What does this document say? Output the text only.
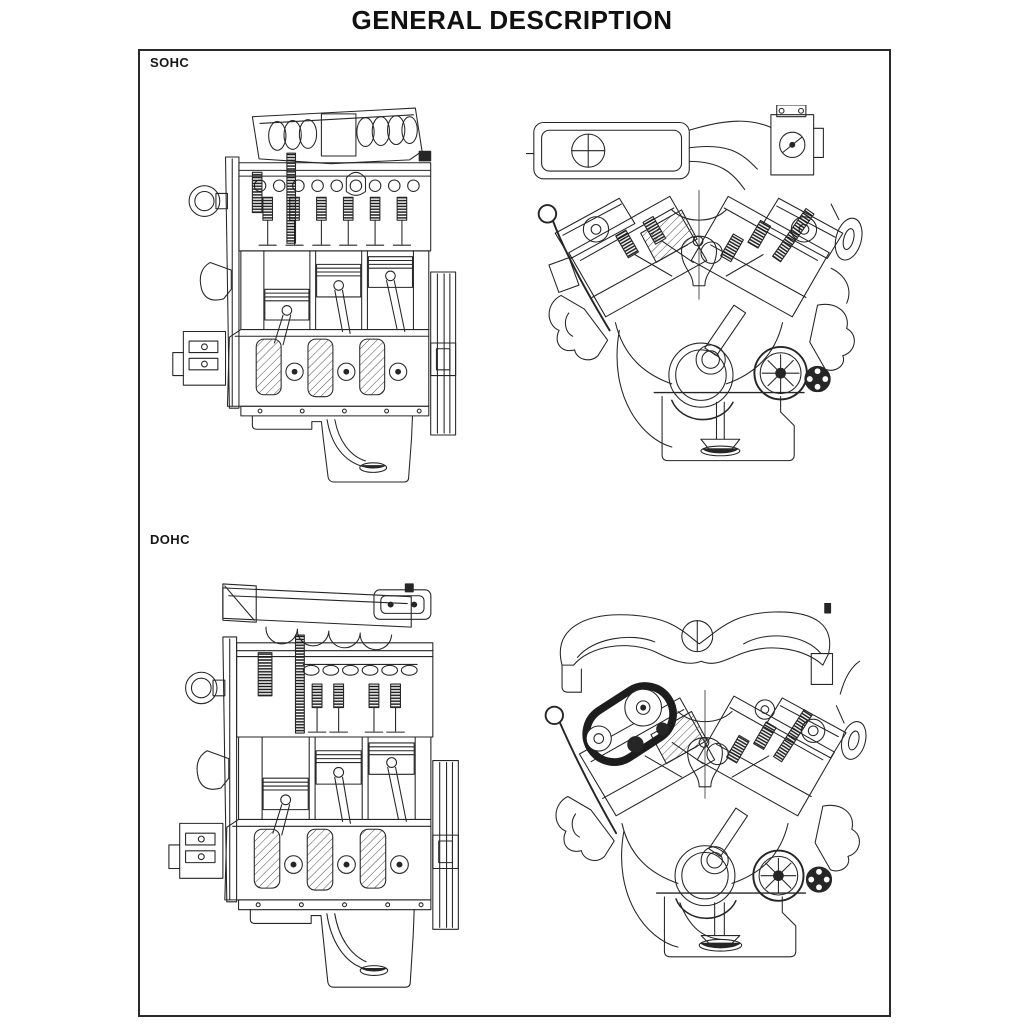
GENERAL DESCRIPTION
SOHC
DOHC
